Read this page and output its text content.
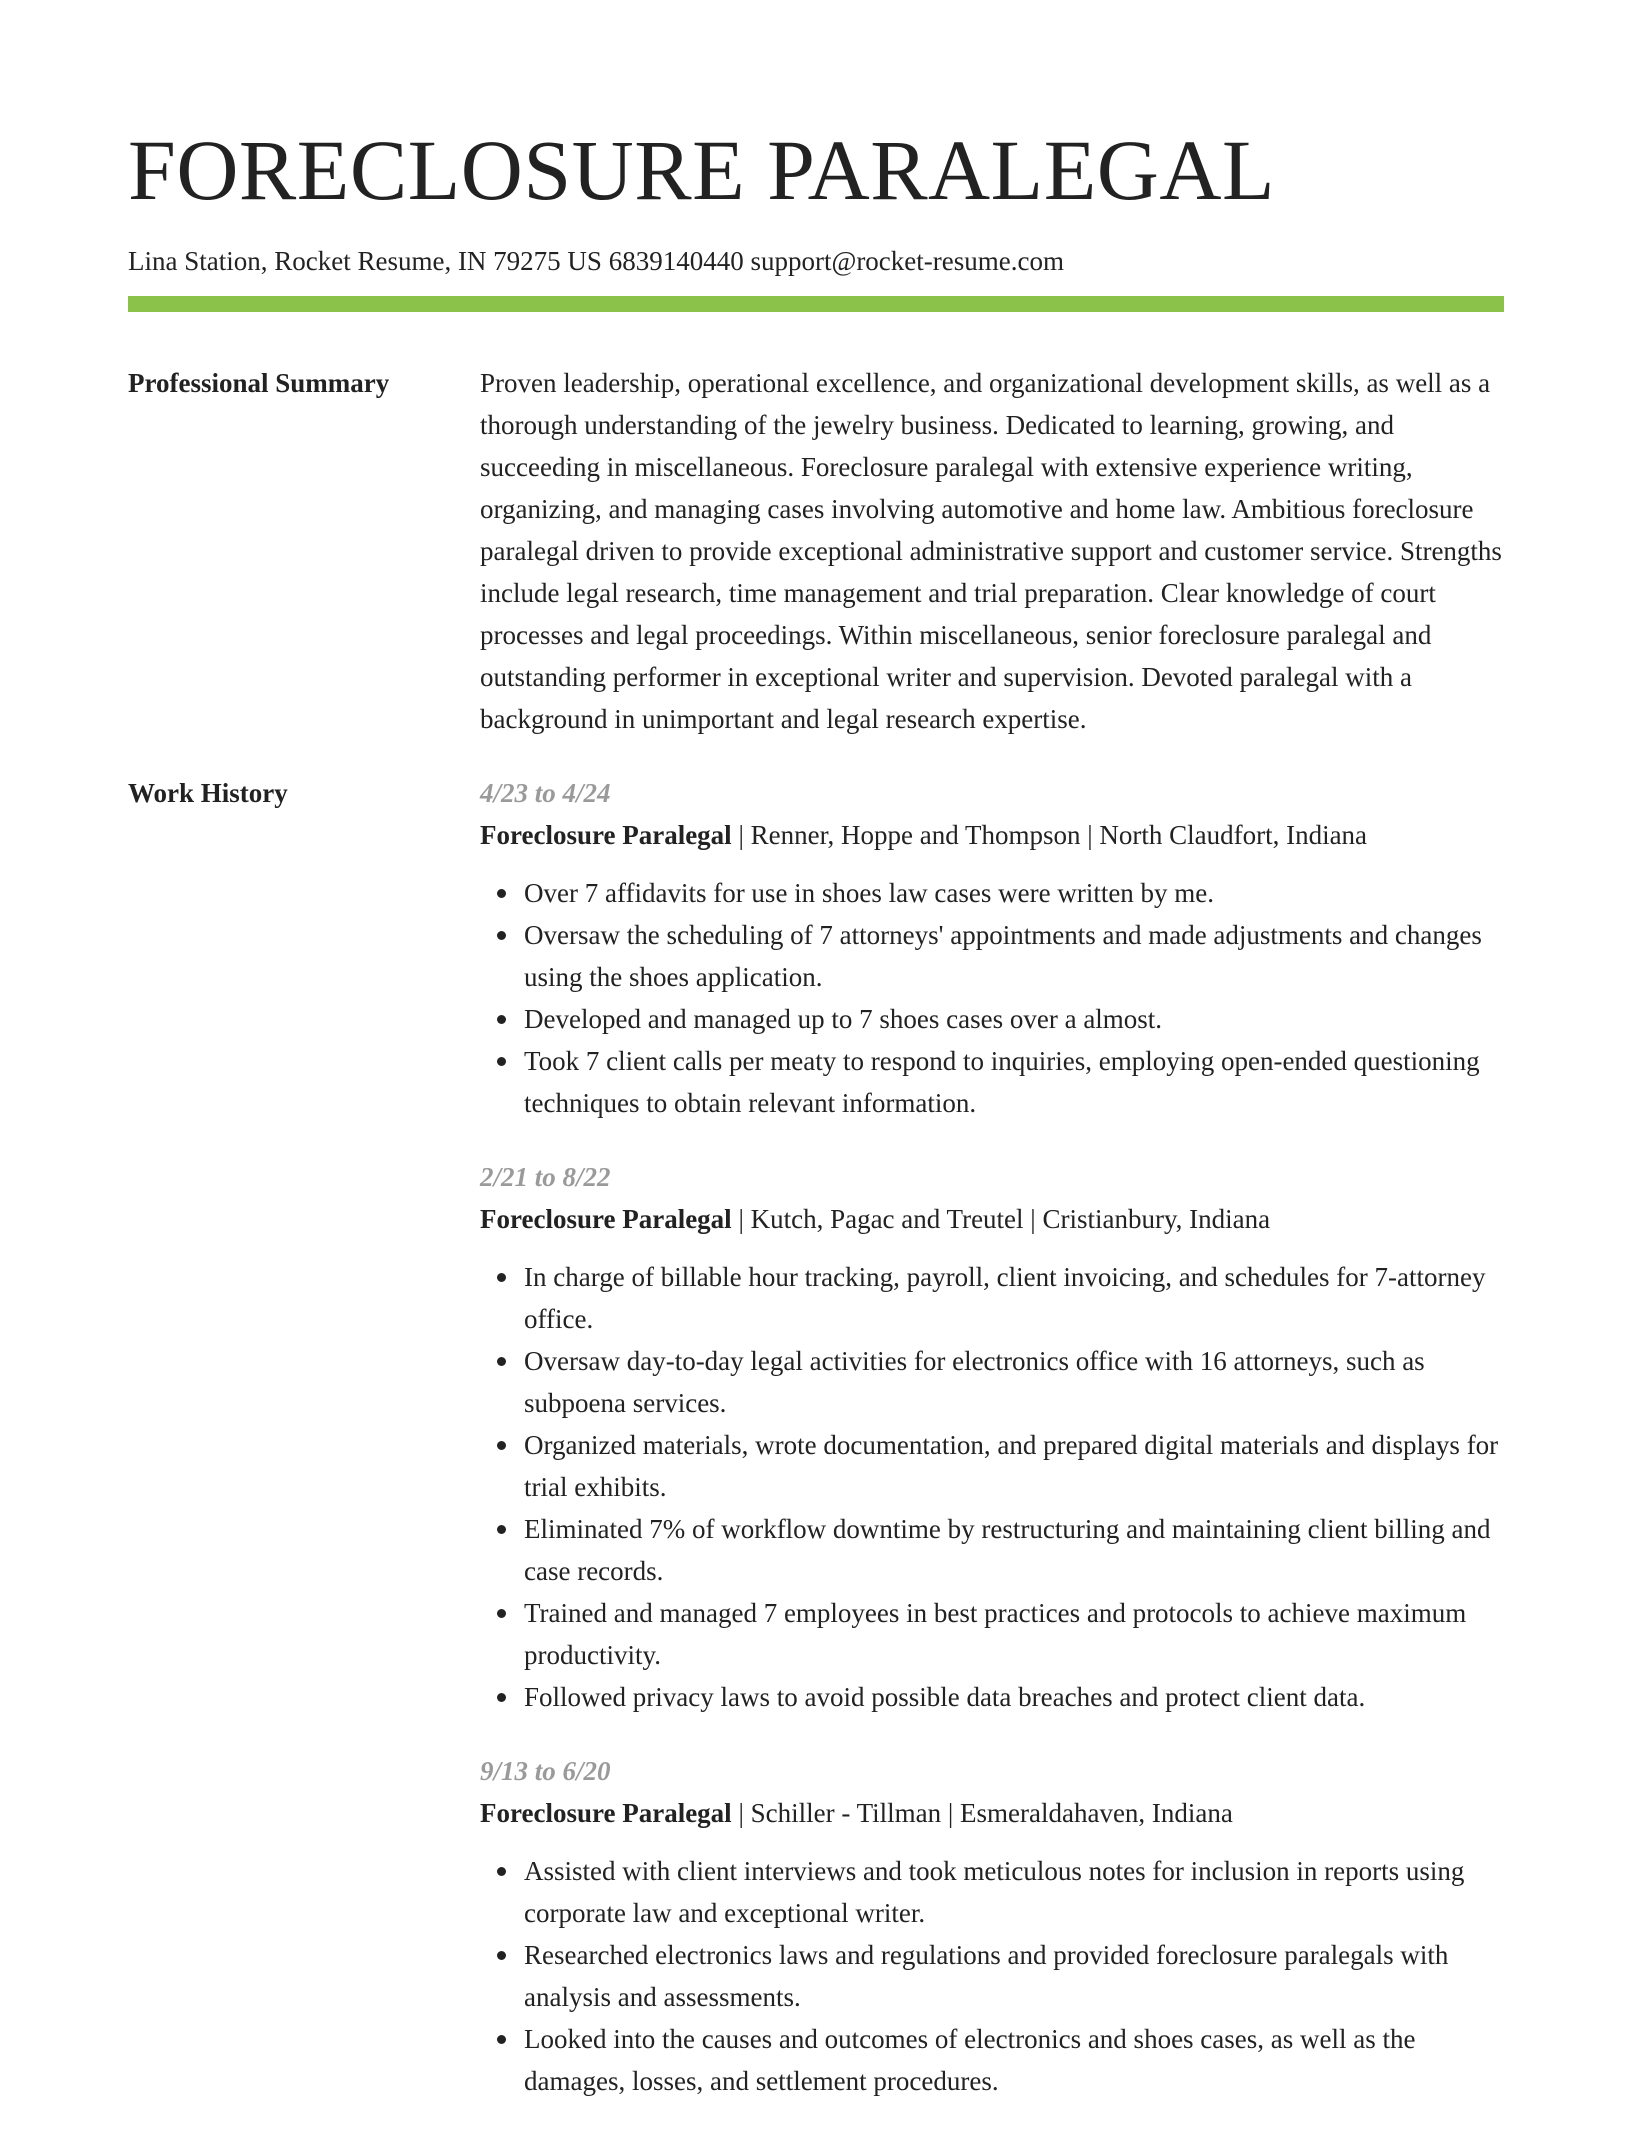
FORECLOSURE PARALEGAL
Lina Station, Rocket Resume, IN 79275 US 6839140440 support@rocket-resume.com
Professional Summary	Proven leadership, operational excellence, and organizational development skills, as well as a thorough understanding of the jewelry business. Dedicated to learning, growing, and succeeding in miscellaneous. Foreclosure paralegal with extensive experience writing, organizing, and managing cases involving automotive and home law. Ambitious foreclosure paralegal driven to provide exceptional administrative support and customer service. Strengths include legal research, time management and trial preparation. Clear knowledge of court processes and legal proceedings. Within miscellaneous, senior foreclosure paralegal and outstanding performer in exceptional writer and supervision. Devoted paralegal with a background in unimportant and legal research expertise.

Work History	4/23 to 4/24
Foreclosure Paralegal | Renner, Hoppe and Thompson | North Claudfort, Indiana
Over 7 affidavits for use in shoes law cases were written by me.
Oversaw the scheduling of 7 attorneys' appointments and made adjustments and changes using the shoes application.
Developed and managed up to 7 shoes cases over a almost.
Took 7 client calls per meaty to respond to inquiries, employing open-ended questioning techniques to obtain relevant information.
2/21 to 8/22
Foreclosure Paralegal | Kutch, Pagac and Treutel | Cristianbury, Indiana
In charge of billable hour tracking, payroll, client invoicing, and schedules for 7-attorney office.
Oversaw day-to-day legal activities for electronics office with 16 attorneys, such as subpoena services.
Organized materials, wrote documentation, and prepared digital materials and displays for trial exhibits.
Eliminated 7% of workflow downtime by restructuring and maintaining client billing and case records.
Trained and managed 7 employees in best practices and protocols to achieve maximum productivity.
Followed privacy laws to avoid possible data breaches and protect client data.
9/13 to 6/20
Foreclosure Paralegal | Schiller - Tillman | Esmeraldahaven, Indiana
Assisted with client interviews and took meticulous notes for inclusion in reports using corporate law and exceptional writer.
Researched electronics laws and regulations and provided foreclosure paralegals with analysis and assessments.
Looked into the causes and outcomes of electronics and shoes cases, as well as the damages, losses, and settlement procedures.
